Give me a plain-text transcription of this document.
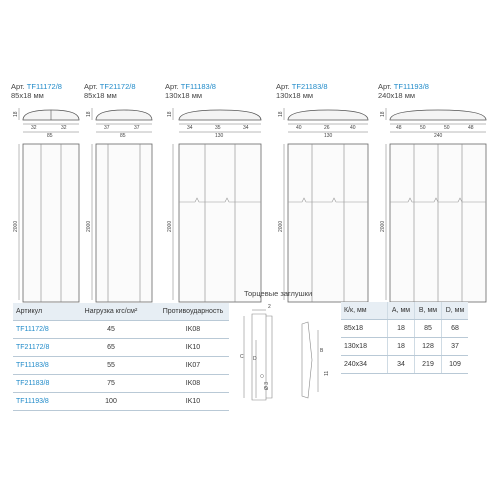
Арт. TF11172/8
85x18 мм
18
32	32
85
2000
Арт. TF21172/8
85x18 мм
18
37	37
85
2000
Арт. TF11183/8
130x18 мм
18
34	35	34
130
2000
Арт. TF21183/8
130x18 мм
18
40	26	40
130
2000
Арт. TF11193/8
240x18 мм
18
48	50	50	48
240
2000
Артикул	Нагрузка кгс/см²	Противоударность
TF11172/8	45	IK08
TF21172/8	65	IK10
TF11183/8	55	IK07
TF21183/8	75	IK08
TF11193/8	100	IK10
Торцевые заглушки
2
C D
Ø 3
B
11
К/к, мм	A, мм	B, мм	D, мм
85x18	18	85	68
130x18	18	128	37
240x34	34	219	109
